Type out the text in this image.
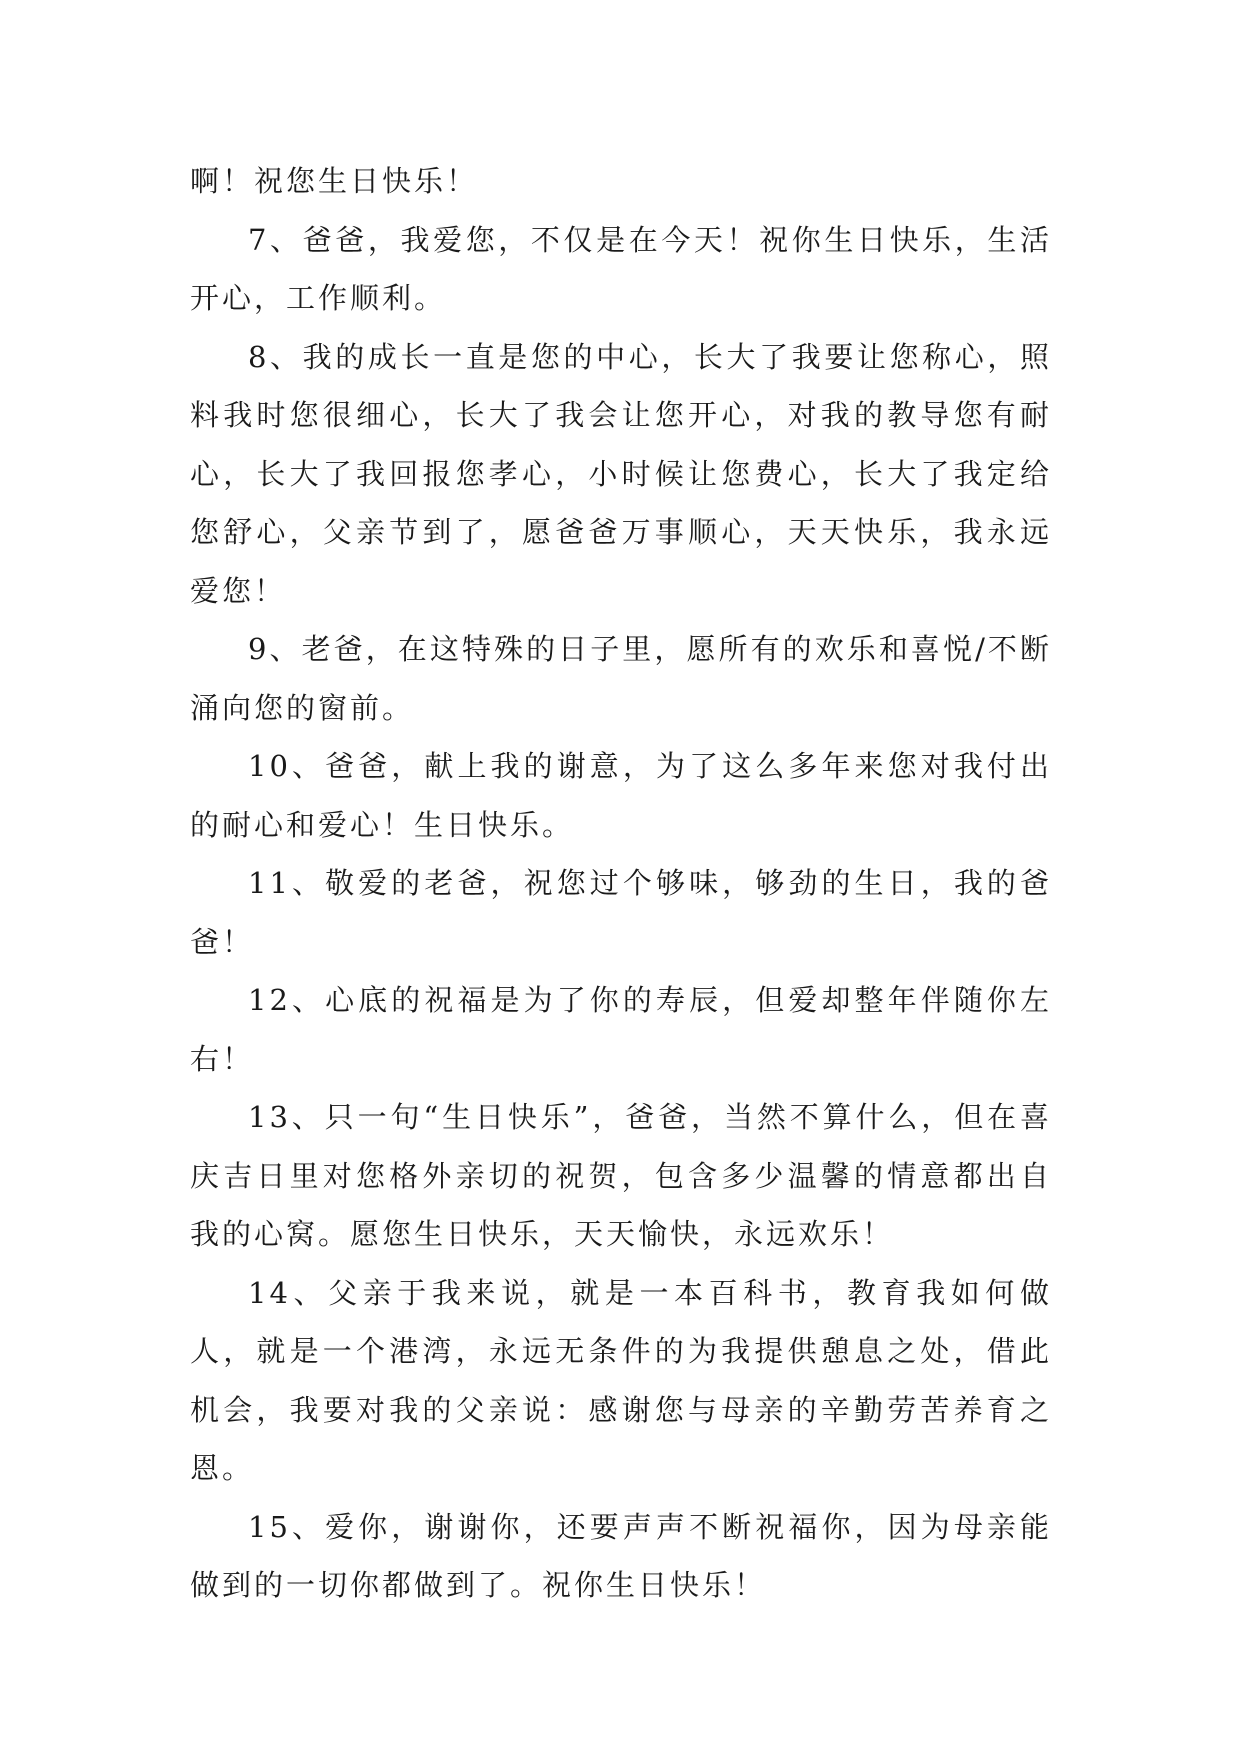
啊！祝您生日快乐！

7、爸爸，我爱您，不仅是在今天！祝你生日快乐，生活开心，工作顺利。

8、我的成长一直是您的中心，长大了我要让您称心，照料我时您很细心，长大了我会让您开心，对我的教导您有耐心，长大了我回报您孝心，小时候让您费心，长大了我定给您舒心，父亲节到了，愿爸爸万事顺心，天天快乐，我永远爱您！

9、老爸，在这特殊的日子里，愿所有的欢乐和喜悦/不断涌向您的窗前。

10、爸爸，献上我的谢意，为了这么多年来您对我付出的耐心和爱心！生日快乐。

11、敬爱的老爸，祝您过个够味，够劲的生日，我的爸爸！

12、心底的祝福是为了你的寿辰，但爱却整年伴随你左右！

13、只一句“生日快乐”，爸爸，当然不算什么，但在喜庆吉日里对您格外亲切的祝贺，包含多少温馨的情意都出自我的心窝。愿您生日快乐，天天愉快，永远欢乐！

14、父亲于我来说，就是一本百科书，教育我如何做人，就是一个港湾，永远无条件的为我提供憩息之处，借此机会，我要对我的父亲说：感谢您与母亲的辛勤劳苦养育之恩。

15、爱你，谢谢你，还要声声不断祝福你，因为母亲能做到的一切你都做到了。祝你生日快乐！
